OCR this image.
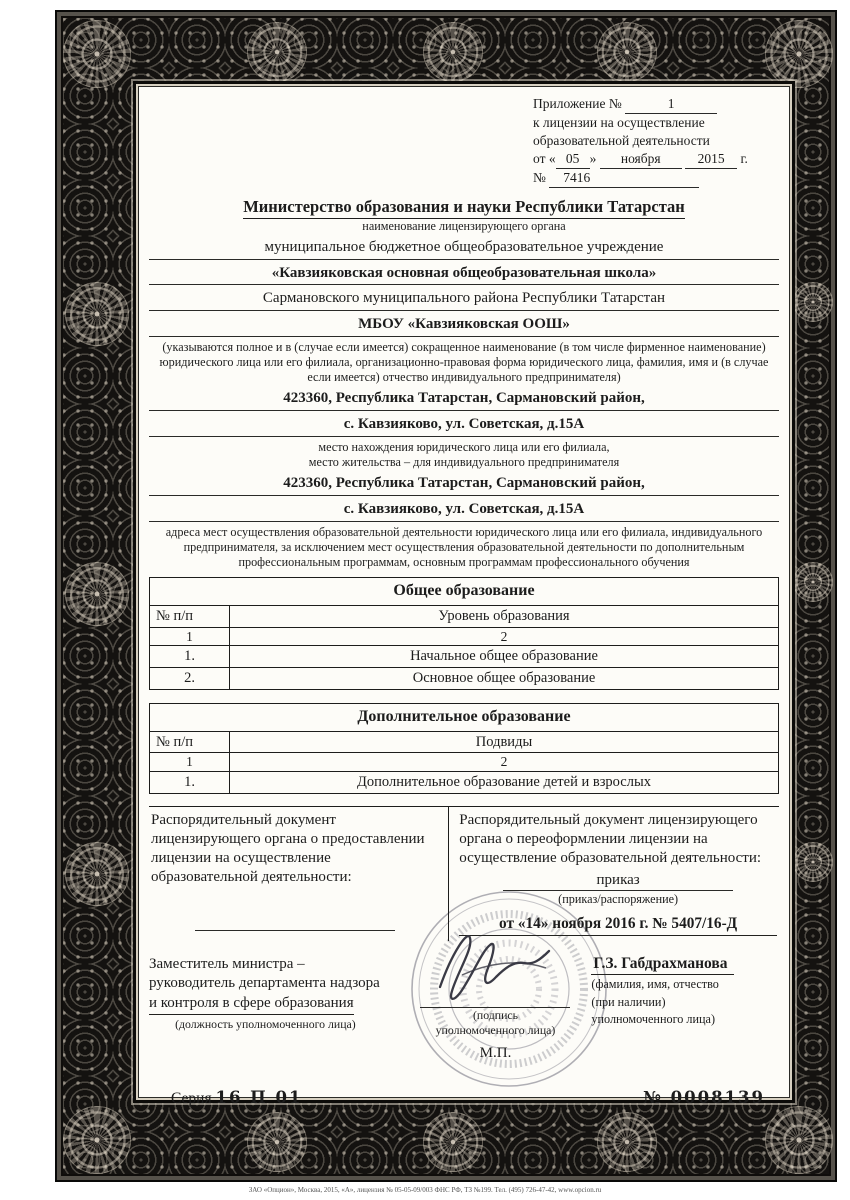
Приложение №	1
к лицензии на осуществление
образовательной деятельности
от « 05 » ноября	2015 г.
№ 7416
Министерство образования и науки Республики Татарстан
наименование лицензирующего органа
муниципальное бюджетное общеобразовательное учреждение
«Кавзияковская основная общеобразовательная школа»
Сармановского муниципального района Республики Татарстан
МБОУ «Кавзияковская ООШ»
(указываются полное и в (случае если имеется) сокращенное наименование (в том числе фирменное наименование) юридического лица или его филиала, организационно-правовая форма юридического лица, фамилия, имя и (в случае если имеется) отчество индивидуального предпринимателя)
423360, Республика Татарстан, Сармановский район,
с. Кавзияково, ул. Советская, д.15А
место нахождения юридического лица или его филиала,
место жительства – для индивидуального предпринимателя
423360, Республика Татарстан, Сармановский район,
с. Кавзияково, ул. Советская, д.15А
адреса мест осуществления образовательной деятельности юридического лица или его филиала, индивидуального предпринимателя, за исключением мест осуществления образовательной деятельности по дополнительным профессиональным программам, основным программам профессионального обучения
Общее образование	
№ п/п	Уровень образования
1	2
1.	Начальное общее образование
2.	Основное общее образование
Дополнительное образование	
№ п/п	Подвиды
1	2
1.	Дополнительное образование детей и взрослых

Распорядительный документ лицензирующего органа о предоставлении лицензии на осуществление образовательной деятельности:

Распорядительный документ лицензирующего органа о переоформлении лицензии на осуществление образовательной деятельности:

приказ
(приказ/распоряжение)
от «14» ноября 2016 г. № 5407/16-Д
Заместитель министра –
руководитель департамента надзора
и контроля в сфере образования
(должность уполномоченного лица)
(подпись
уполномоченного лица)
М.П.
Г.З. Габдрахманова
(фамилия, имя, отчество
(при наличии)
уполномоченного лица)
Серия 16 П 01	№ 0008139
ЗАО «Опцион», Москва, 2015, «А», лицензия № 05-05-09/003 ФНС РФ, ТЗ №199. Тел. (495) 726-47-42, www.opcion.ru
